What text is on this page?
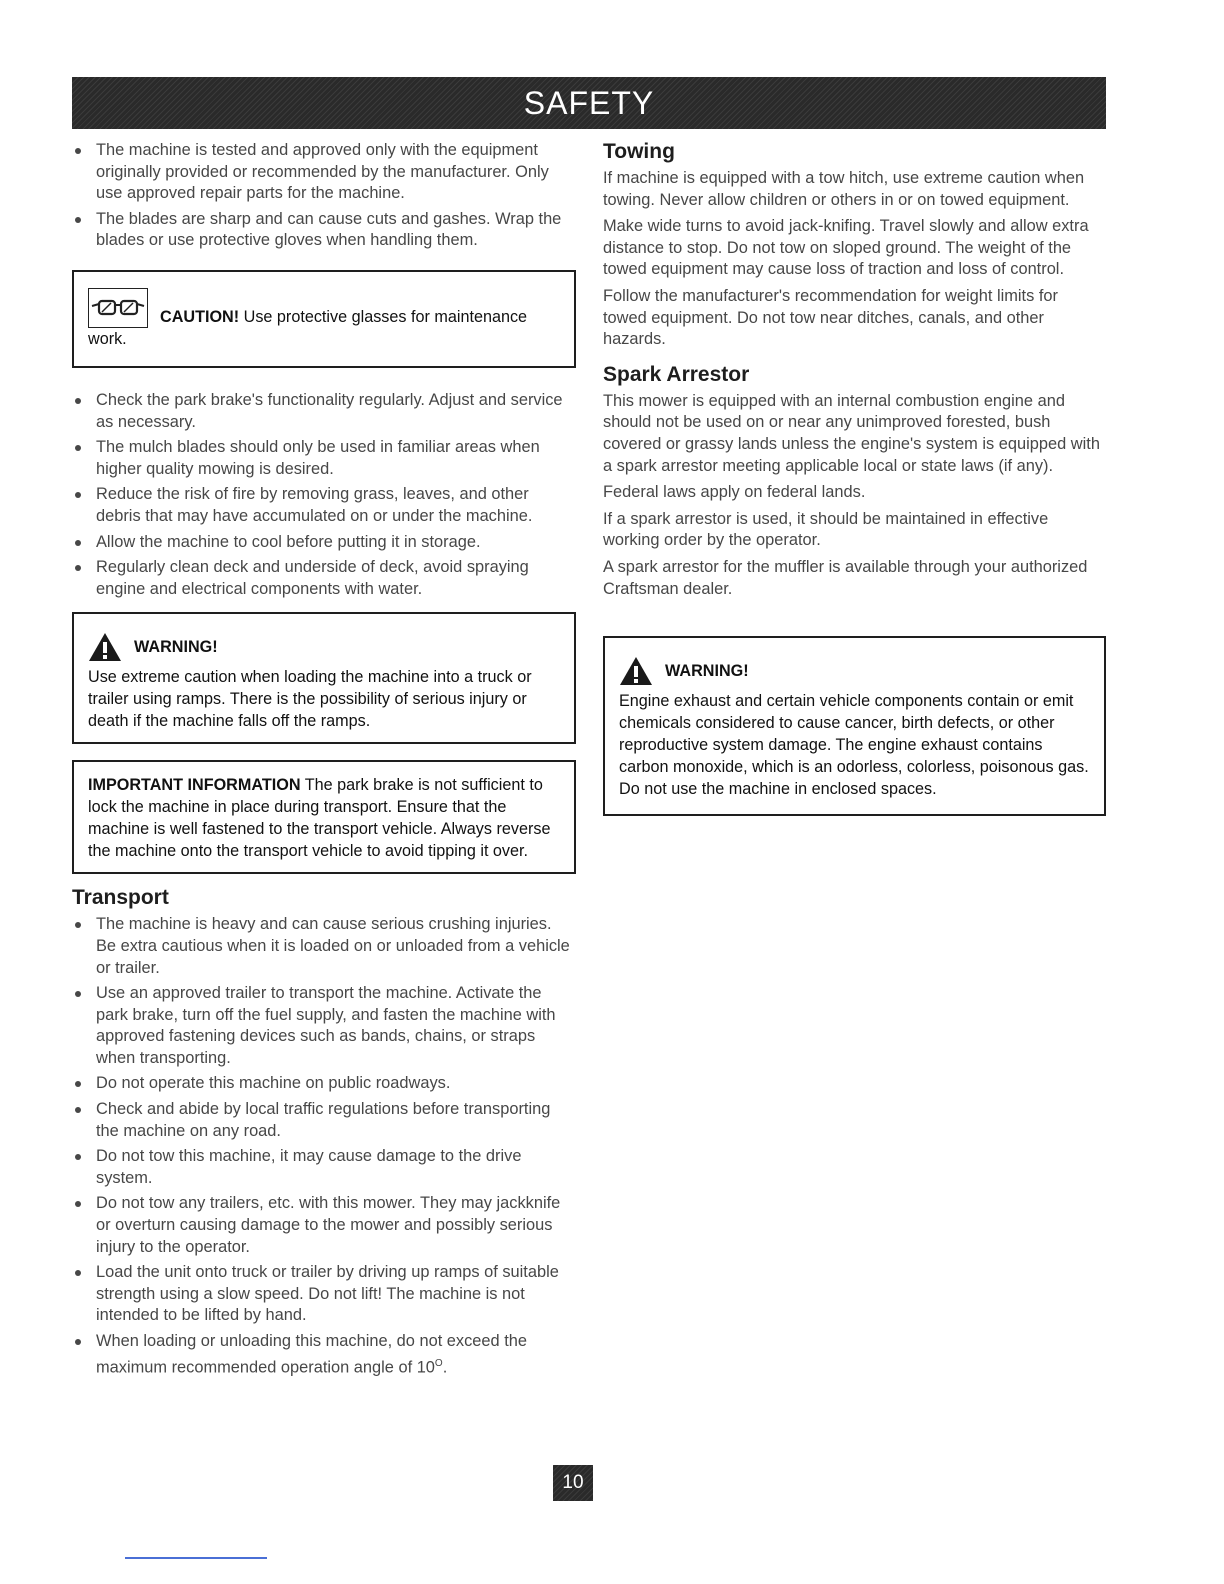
SAFETY
The machine is tested and approved only with the equipment originally provided or recommended by the manufacturer. Only use approved repair parts for the machine.
The blades are sharp and can cause cuts and gashes. Wrap the blades or use protective gloves when handling them.
CAUTION! Use protective glasses for maintenance work.
Check the park brake's functionality regularly. Adjust and service as necessary.
The mulch blades should only be used in familiar areas when higher quality mowing is desired.
Reduce the risk of fire by removing grass, leaves, and other debris that may have accumulated on or under the machine.
Allow the machine to cool before putting it in storage.
Regularly clean deck and underside of deck, avoid spraying engine and electrical components with water.
WARNING!
Use extreme caution when loading the machine into a truck or trailer using ramps. There is the possibility of serious injury or death if the machine falls off the ramps.
IMPORTANT INFORMATION The park brake is not sufficient to lock the machine in place during transport. Ensure that the machine is well fastened to the transport vehicle. Always reverse the machine onto the transport vehicle to avoid tipping it over.
Transport
The machine is heavy and can cause serious crushing injuries. Be extra cautious when it is loaded on or unloaded from a vehicle or trailer.
Use an approved trailer to transport the machine. Activate the park brake, turn off the fuel supply, and fasten the machine with approved fastening devices such as bands, chains, or straps when transporting.
Do not operate this machine on public roadways.
Check and abide by local traffic regulations before transporting the machine on any road.
Do not tow this machine, it may cause damage to the drive system.
Do not tow any trailers, etc. with this mower. They may jackknife or overturn causing damage to the mower and possibly serious injury to the operator.
Load the unit onto truck or trailer by driving up ramps of suitable strength using a slow speed. Do not lift! The machine is not intended to be lifted by hand.
When loading or unloading this machine, do not exceed the maximum recommended operation angle of $10^O$.
Towing

If machine is equipped with a tow hitch, use extreme caution when towing. Never allow children or others in or on towed equipment.

Make wide turns to avoid jack-knifing. Travel slowly and allow extra distance to stop. Do not tow on sloped ground. The weight of the towed equipment may cause loss of traction and loss of control.

Follow the manufacturer's recommendation for weight limits for towed equipment. Do not tow near ditches, canals, and other hazards.

Spark Arrestor

This mower is equipped with an internal combustion engine and should not be used on or near any unimproved forested, bush covered or grassy lands unless the engine's system is equipped with a spark arrestor meeting applicable local or state laws (if any).

Federal laws apply on federal lands.

If a spark arrestor is used, it should be maintained in effective working order by the operator.

A spark arrestor for the muffler is available through your authorized Craftsman dealer.

WARNING!
Engine exhaust and certain vehicle components contain or emit chemicals considered to cause cancer, birth defects, or other reproductive system damage. The engine exhaust contains carbon monoxide, which is an odorless, colorless, poisonous gas. Do not use the machine in enclosed spaces.
10
